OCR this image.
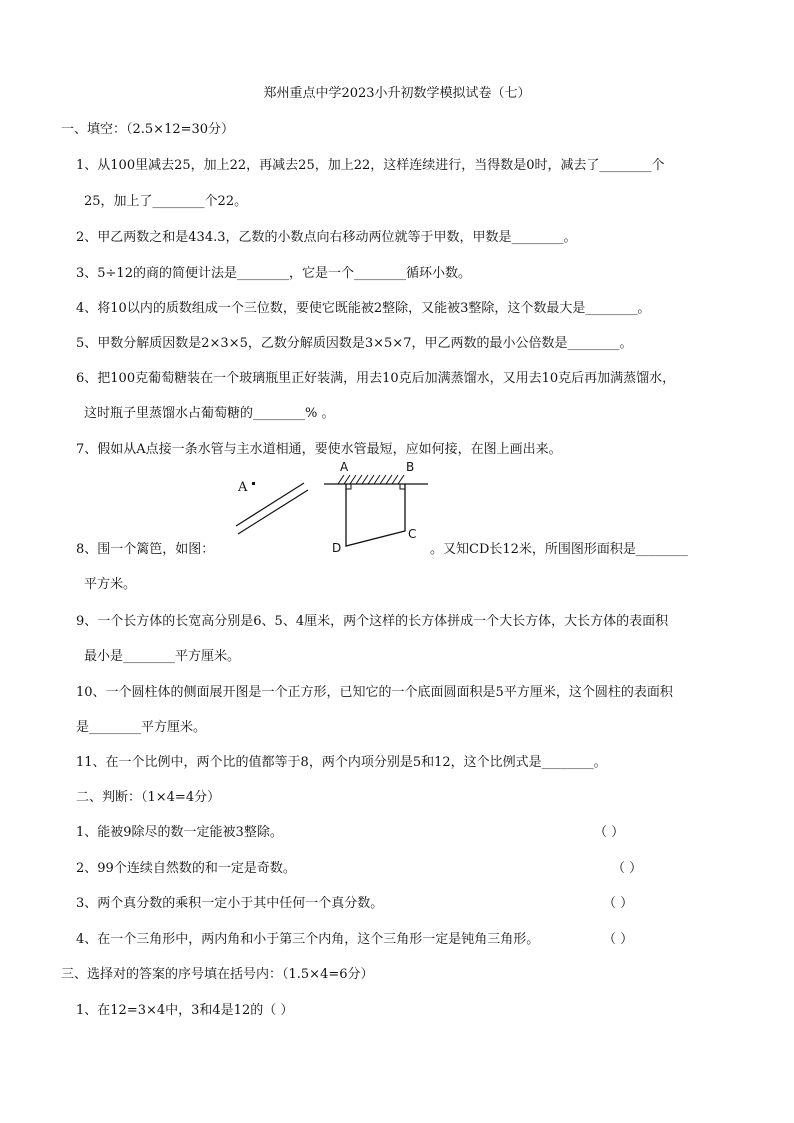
郑州重点中学2023小升初数学模拟试卷（七）
一、填空：（2.5×12=30分）
1、从100里减去25，加上22，再减去25，加上22，这样连续进行，当得数是0时，减去了________个
25，加上了________个22。
2、甲乙两数之和是434.3，乙数的小数点向右移动两位就等于甲数，甲数是________。
3、5÷12的商的简便计法是________，它是一个________循环小数。
4、将10以内的质数组成一个三位数，要使它既能被2整除，又能被3整除，这个数最大是________。
5、甲数分解质因数是2×3×5，乙数分解质因数是3×5×7，甲乙两数的最小公倍数是________。
6、把100克葡萄糖装在一个玻璃瓶里正好装满，用去10克后加满蒸馏水，又用去10克后再加满蒸馏水，
这时瓶子里蒸馏水占葡萄糖的________% 。
7、假如从A点接一条水管与主水道相通，要使水管最短，应如何接，在图上画出来。
A
A	B
C
D
8、围一个篱笆，如图：	。又知CD长12米，所围图形面积是________
平方米。
9、一个长方体的长宽高分别是6、5、4厘米，两个这样的长方体拼成一个大长方体，大长方体的表面积
最小是________平方厘米。
10、一个圆柱体的侧面展开图是一个正方形，已知它的一个底面圆面积是5平方厘米，这个圆柱的表面积
是________平方厘米。
11、在一个比例中，两个比的值都等于8，两个内项分别是5和12，这个比例式是________。
二、判断：（1×4=4分）
1、能被9除尽的数一定能被3整除。	（ ）
2、99个连续自然数的和一定是奇数。	（ ）
3、两个真分数的乘积一定小于其中任何一个真分数。	（ ）
4、在一个三角形中，两内角和小于第三个内角，这个三角形一定是钝角三角形。	（ ）
三、选择对的答案的序号填在括号内：（1.5×4=6分）
1、在12=3×4中，3和4是12的（ ）
